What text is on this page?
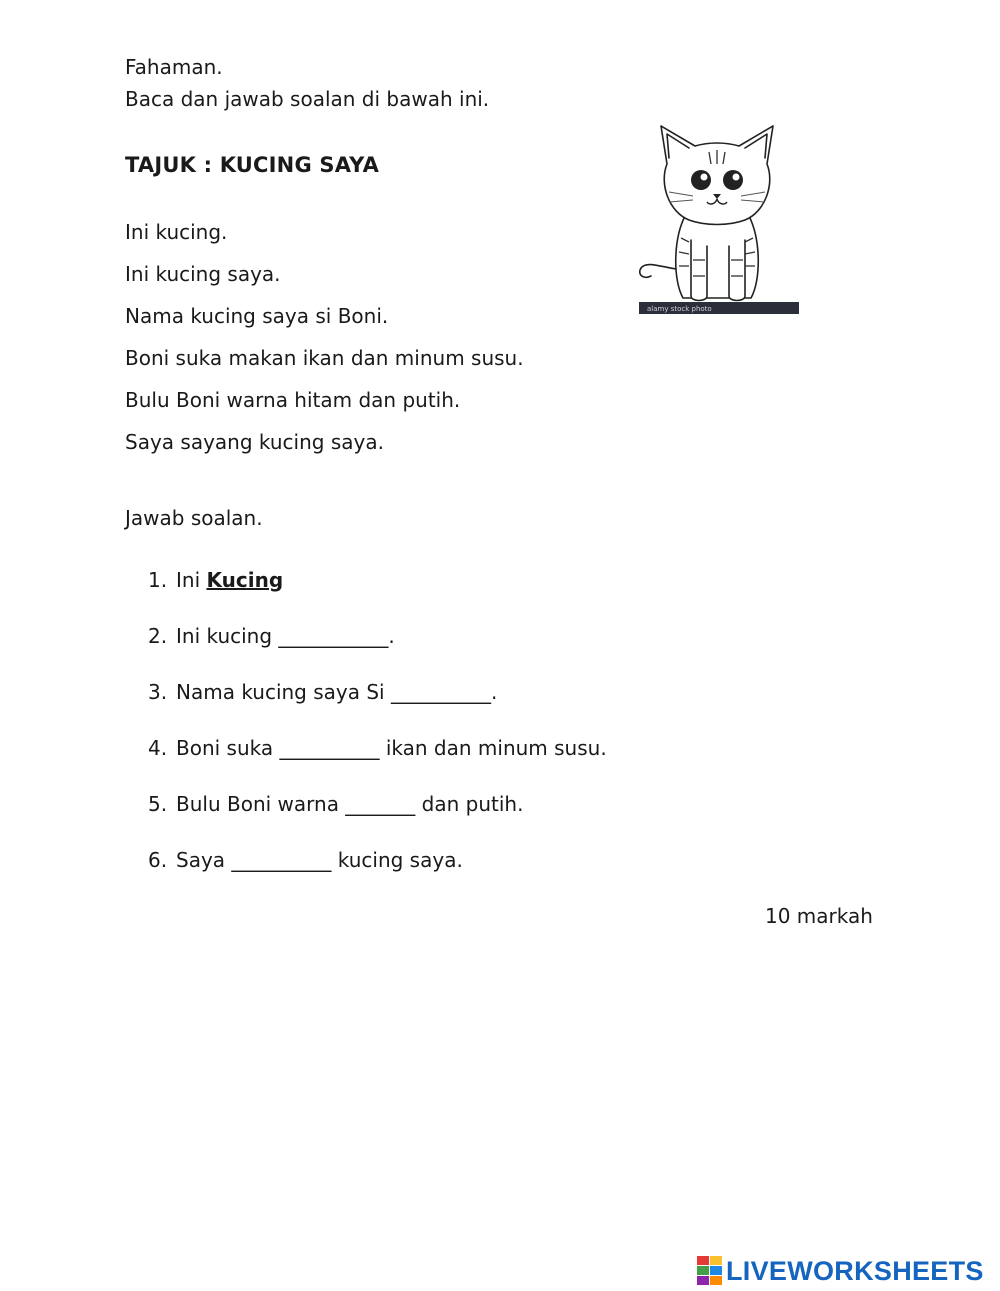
Fahaman.
Baca dan jawab soalan di bawah ini.
TAJUK : KUCING SAYA
Ini kucing.
Ini kucing saya.
Nama kucing saya si Boni.
Boni suka makan ikan dan minum susu.
Bulu Boni warna hitam dan putih.
Saya sayang kucing saya.
alamy stock photo
Jawab soalan.
1. Ini Kucing
2. Ini kucing ___________.
3. Nama kucing saya Si __________.
4. Boni suka __________ ikan dan minum susu.
5. Bulu Boni warna _______ dan putih.
6. Saya __________ kucing saya.
10 markah
LIVEWORKSHEETS
